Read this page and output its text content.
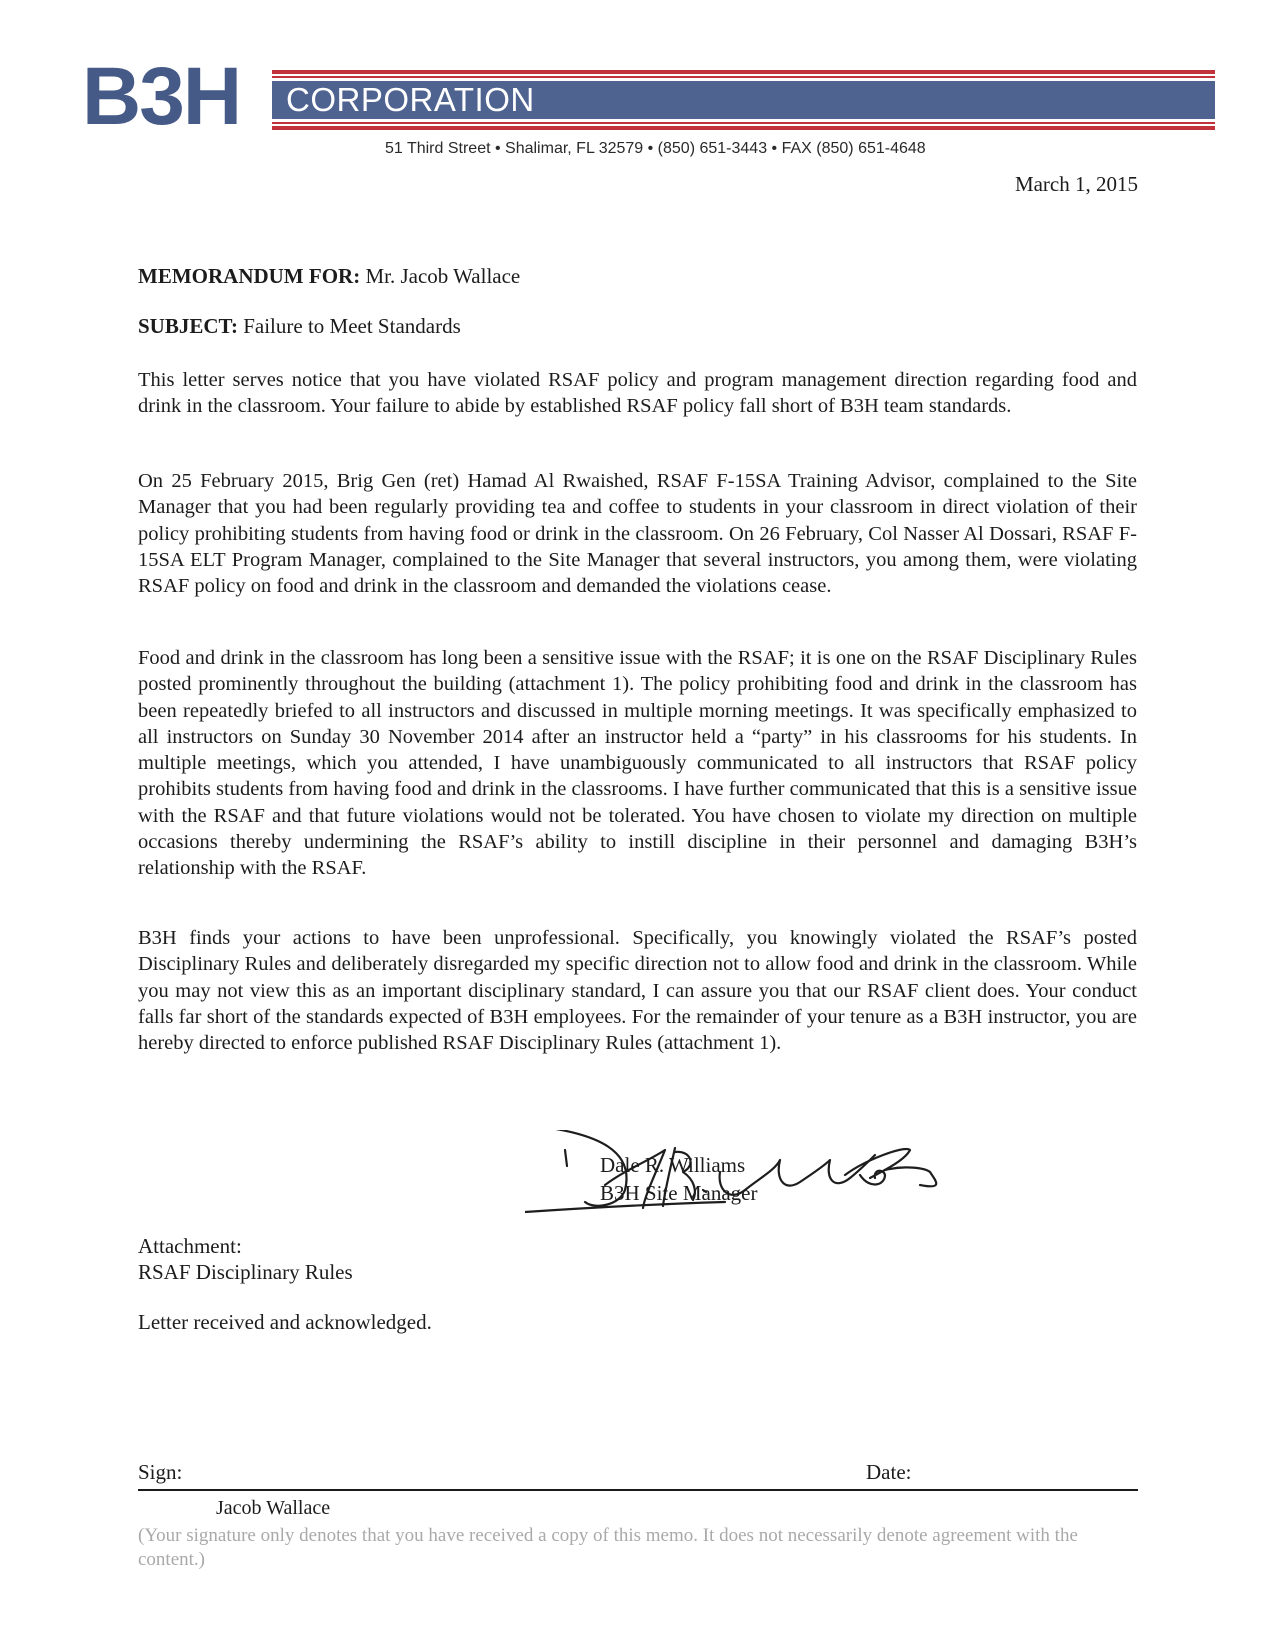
B3H CORPORATION
51 Third Street • Shalimar, FL 32579 • (850) 651-3443 • FAX (850) 651-4648
March 1, 2015
MEMORANDUM FOR: Mr. Jacob Wallace
SUBJECT: Failure to Meet Standards
This letter serves notice that you have violated RSAF policy and program management direction regarding food and drink in the classroom. Your failure to abide by established RSAF policy fall short of B3H team standards.
On 25 February 2015, Brig Gen (ret) Hamad Al Rwaished, RSAF F-15SA Training Advisor, complained to the Site Manager that you had been regularly providing tea and coffee to students in your classroom in direct violation of their policy prohibiting students from having food or drink in the classroom. On 26 February, Col Nasser Al Dossari, RSAF F-15SA ELT Program Manager, complained to the Site Manager that several instructors, you among them, were violating RSAF policy on food and drink in the classroom and demanded the violations cease.
Food and drink in the classroom has long been a sensitive issue with the RSAF; it is one on the RSAF Disciplinary Rules posted prominently throughout the building (attachment 1). The policy prohibiting food and drink in the classroom has been repeatedly briefed to all instructors and discussed in multiple morning meetings. It was specifically emphasized to all instructors on Sunday 30 November 2014 after an instructor held a “party” in his classrooms for his students. In multiple meetings, which you attended, I have unambiguously communicated to all instructors that RSAF policy prohibits students from having food and drink in the classrooms. I have further communicated that this is a sensitive issue with the RSAF and that future violations would not be tolerated. You have chosen to violate my direction on multiple occasions thereby undermining the RSAF’s ability to instill discipline in their personnel and damaging B3H’s relationship with the RSAF.
B3H finds your actions to have been unprofessional. Specifically, you knowingly violated the RSAF’s posted Disciplinary Rules and deliberately disregarded my specific direction not to allow food and drink in the classroom. While you may not view this as an important disciplinary standard, I can assure you that our RSAF client does. Your conduct falls far short of the standards expected of B3H employees. For the remainder of your tenure as a B3H instructor, you are hereby directed to enforce published RSAF Disciplinary Rules (attachment 1).
Dale R. Williams
B3H Site Manager
Attachment:
RSAF Disciplinary Rules
Letter received and acknowledged.
Sign:	Date:
Jacob Wallace
(Your signature only denotes that you have received a copy of this memo. It does not necessarily denote agreement with the content.)
